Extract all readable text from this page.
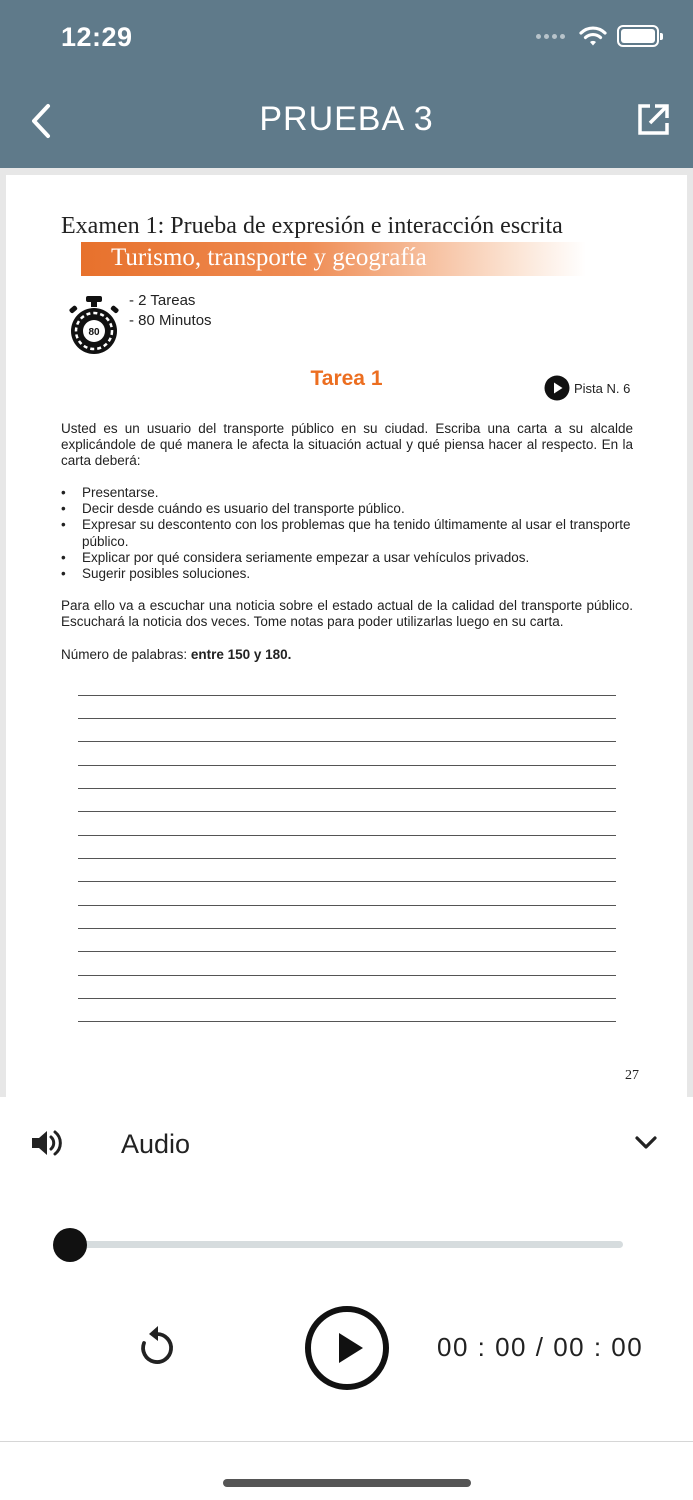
12:29
PRUEBA 3
Examen 1: Prueba de expresión e interacción escrita
Turismo, transporte y geografía
80
- 2 Tareas
- 80 Minutos
Tarea 1	Pista N. 6
Usted es un usuario del transporte público en su ciudad. Escriba una carta a su alcalde explicándole de qué manera le afecta la situación actual y qué piensa hacer al respecto. En la carta deberá:
• Presentarse.
• Decir desde cuándo es usuario del transporte público.
• Expresar su descontento con los problemas que ha tenido últimamente al usar el transporte público.
• Explicar por qué considera seriamente empezar a usar vehículos privados.
• Sugerir posibles soluciones.
Para ello va a escuchar una noticia sobre el estado actual de la calidad del transporte público. Escuchará la noticia dos veces. Tome notas para poder utilizarlas luego en su carta.
Número de palabras: entre 150 y 180.
27
Audio
00 : 00 / 00 : 00
